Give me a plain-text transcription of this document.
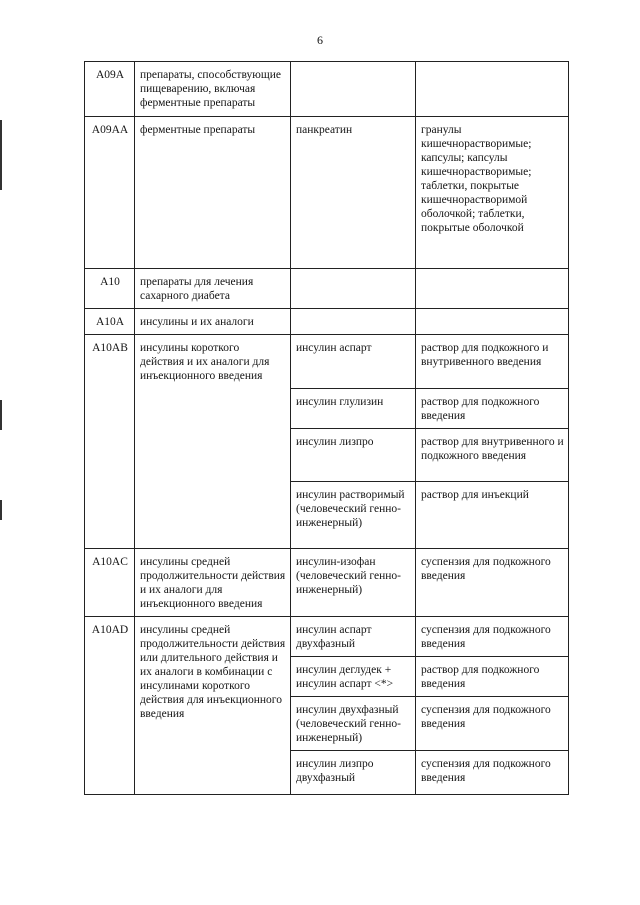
6
A09A	препараты, способствующие пищеварению, включая ферментные препараты		
A09AA	ферментные препараты	панкреатин	гранулы кишечнорастворимые; капсулы; капсулы кишечнорастворимые; таблетки, покрытые кишечнорастворимой оболочкой; таблетки, покрытые оболочкой
A10	препараты для лечения сахарного диабета		
A10A	инсулины и их аналоги		
A10AB	инсулины короткого действия и их аналоги для инъекционного введения	инсулин аспарт	раствор для подкожного и внутривенного введения
		инсулин глулизин	раствор для подкожного введения
		инсулин лизпро	раствор для внутривенного и подкожного введения
		инсулин растворимый (человеческий генно-инженерный)	раствор для инъекций
A10AC	инсулины средней продолжительности действия и их аналоги для инъекционного введения	инсулин-изофан (человеческий генно-инженерный)	суспензия для подкожного введения
A10AD	инсулины средней продолжительности действия или длительного действия и их аналоги в комбинации с инсулинами короткого действия для инъекционного введения	инсулин аспарт двухфазный	суспензия для подкожного введения
		инсулин деглудек + инсулин аспарт <*>	раствор для подкожного введения
		инсулин двухфазный (человеческий генно-инженерный)	суспензия для подкожного введения
		инсулин лизпро двухфазный	суспензия для подкожного введения
